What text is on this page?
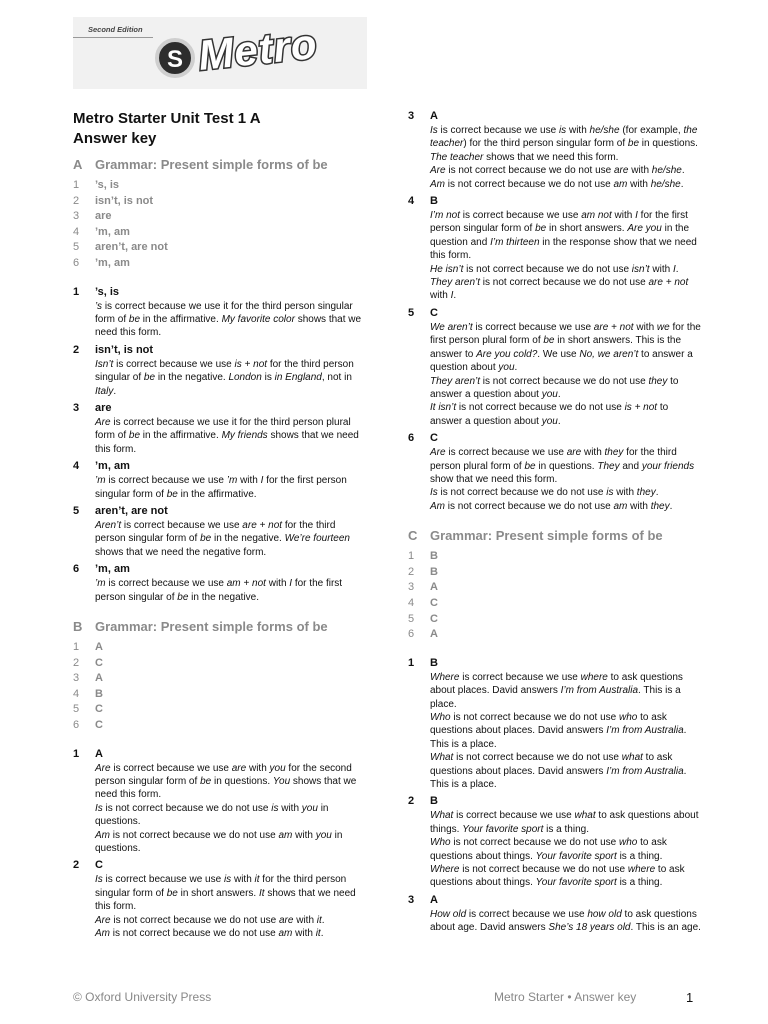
Second Edition
S Metro
Metro Starter Unit Test 1 A
Answer key
A Grammar: Present simple forms of be
1 ’s, is
2 isn’t, is not
3 are
4 ’m, am
5 aren’t, are not
6 ’m, am
1 ’s, is
’s is correct because we use it for the third person singular form of be in the affirmative. My favorite color shows that we need this form.
2 isn’t, is not
Isn’t is correct because we use is + not for the third person singular of be in the negative. London is in England, not in Italy.
3 are
Are is correct because we use it for the third person plural form of be in the affirmative. My friends shows that we need this form.
4 ’m, am
’m is correct because we use ’m with I for the first person singular form of be in the affirmative.
5 aren’t, are not
Aren’t is correct because we use are + not for the third person singular form of be in the negative. We’re fourteen shows that we need the negative form.
6 ’m, am
’m is correct because we use am + not with I for the first person singular of be in the negative.
B Grammar: Present simple forms of be
1 A
2 C
3 A
4 B
5 C
6 C
1 A
Are is correct because we use are with you for the second person singular form of be in questions. You shows that we need this form.
Is is not correct because we do not use is with you in questions.
Am is not correct because we do not use am with you in questions.
2 C
Is is correct because we use is with it for the third person singular form of be in short answers. It shows that we need this form.
Are is not correct because we do not use are with it.
Am is not correct because we do not use am with it.
3 A
Is is correct because we use is with he/she (for example, the teacher) for the third person singular form of be in questions. The teacher shows that we need this form.
Are is not correct because we do not use are with he/she.
Am is not correct because we do not use am with he/she.
4 B
I’m not is correct because we use am not with I for the first person singular form of be in short answers. Are you in the question and I’m thirteen in the response show that we need this form.
He isn’t is not correct because we do not use isn’t with I.
They aren’t is not correct because we do not use are + not with I.
5 C
We aren’t is correct because we use are + not with we for the first person plural form of be in short answers. This is the answer to Are you cold?. We use No, we aren’t to answer a question about you.
They aren’t is not correct because we do not use they to answer a question about you.
It isn’t is not correct because we do not use is + not to answer a question about you.
6 C
Are is correct because we use are with they for the third person plural form of be in questions. They and your friends show that we need this form.
Is is not correct because we do not use is with they.
Am is not correct because we do not use am with they.
C Grammar: Present simple forms of be
1 B
2 B
3 A
4 C
5 C
6 A
1 B
Where is correct because we use where to ask questions about places. David answers I’m from Australia. This is a place.
Who is not correct because we do not use who to ask questions about places. David answers I’m from Australia. This is a place.
What is not correct because we do not use what to ask questions about places. David answers I’m from Australia. This is a place.
2 B
What is correct because we use what to ask questions about things. Your favorite sport is a thing.
Who is not correct because we do not use who to ask questions about things. Your favorite sport is a thing.
Where is not correct because we do not use where to ask questions about things. Your favorite sport is a thing.
3 A
How old is correct because we use how old to ask questions about age. David answers She’s 18 years old. This is an age.
© Oxford University Press	Metro Starter • Answer key	1
